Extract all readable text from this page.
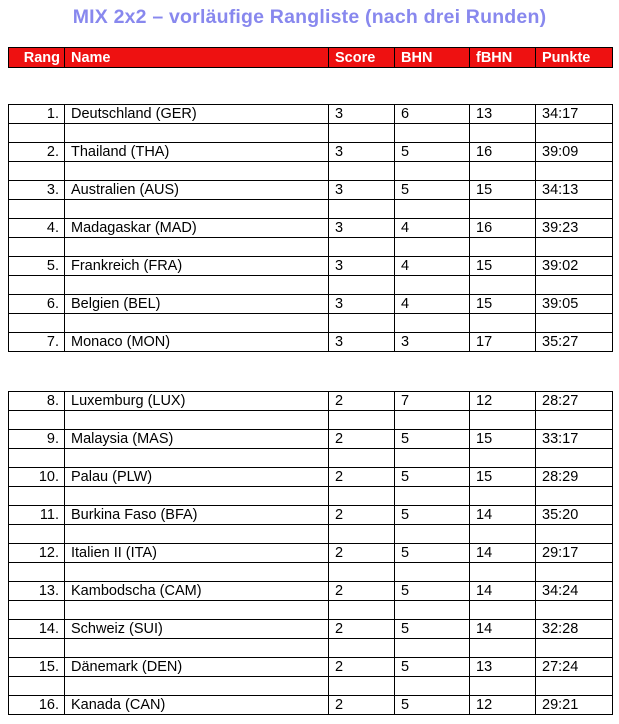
MIX 2x2 – vorläufige Rangliste (nach drei Runden)
Rang	Name	Score	BHN	fBHN	Punkte
1.	Deutschland (GER)	3	6	13	34:17

2.	Thailand (THA)	3	5	16	39:09

3.	Australien (AUS)	3	5	15	34:13

4.	Madagaskar (MAD)	3	4	16	39:23

5.	Frankreich (FRA)	3	4	15	39:02

6.	Belgien (BEL)	3	4	15	39:05

7.	Monaco (MON)	3	3	17	35:27
8.	Luxemburg (LUX)	2	7	12	28:27

9.	Malaysia (MAS)	2	5	15	33:17

10.	Palau (PLW)	2	5	15	28:29

11.	Burkina Faso (BFA)	2	5	14	35:20

12.	Italien II (ITA)	2	5	14	29:17

13.	Kambodscha (CAM)	2	5	14	34:24

14.	Schweiz (SUI)	2	5	14	32:28

15.	Dänemark (DEN)	2	5	13	27:24

16.	Kanada (CAN)	2	5	12	29:21
